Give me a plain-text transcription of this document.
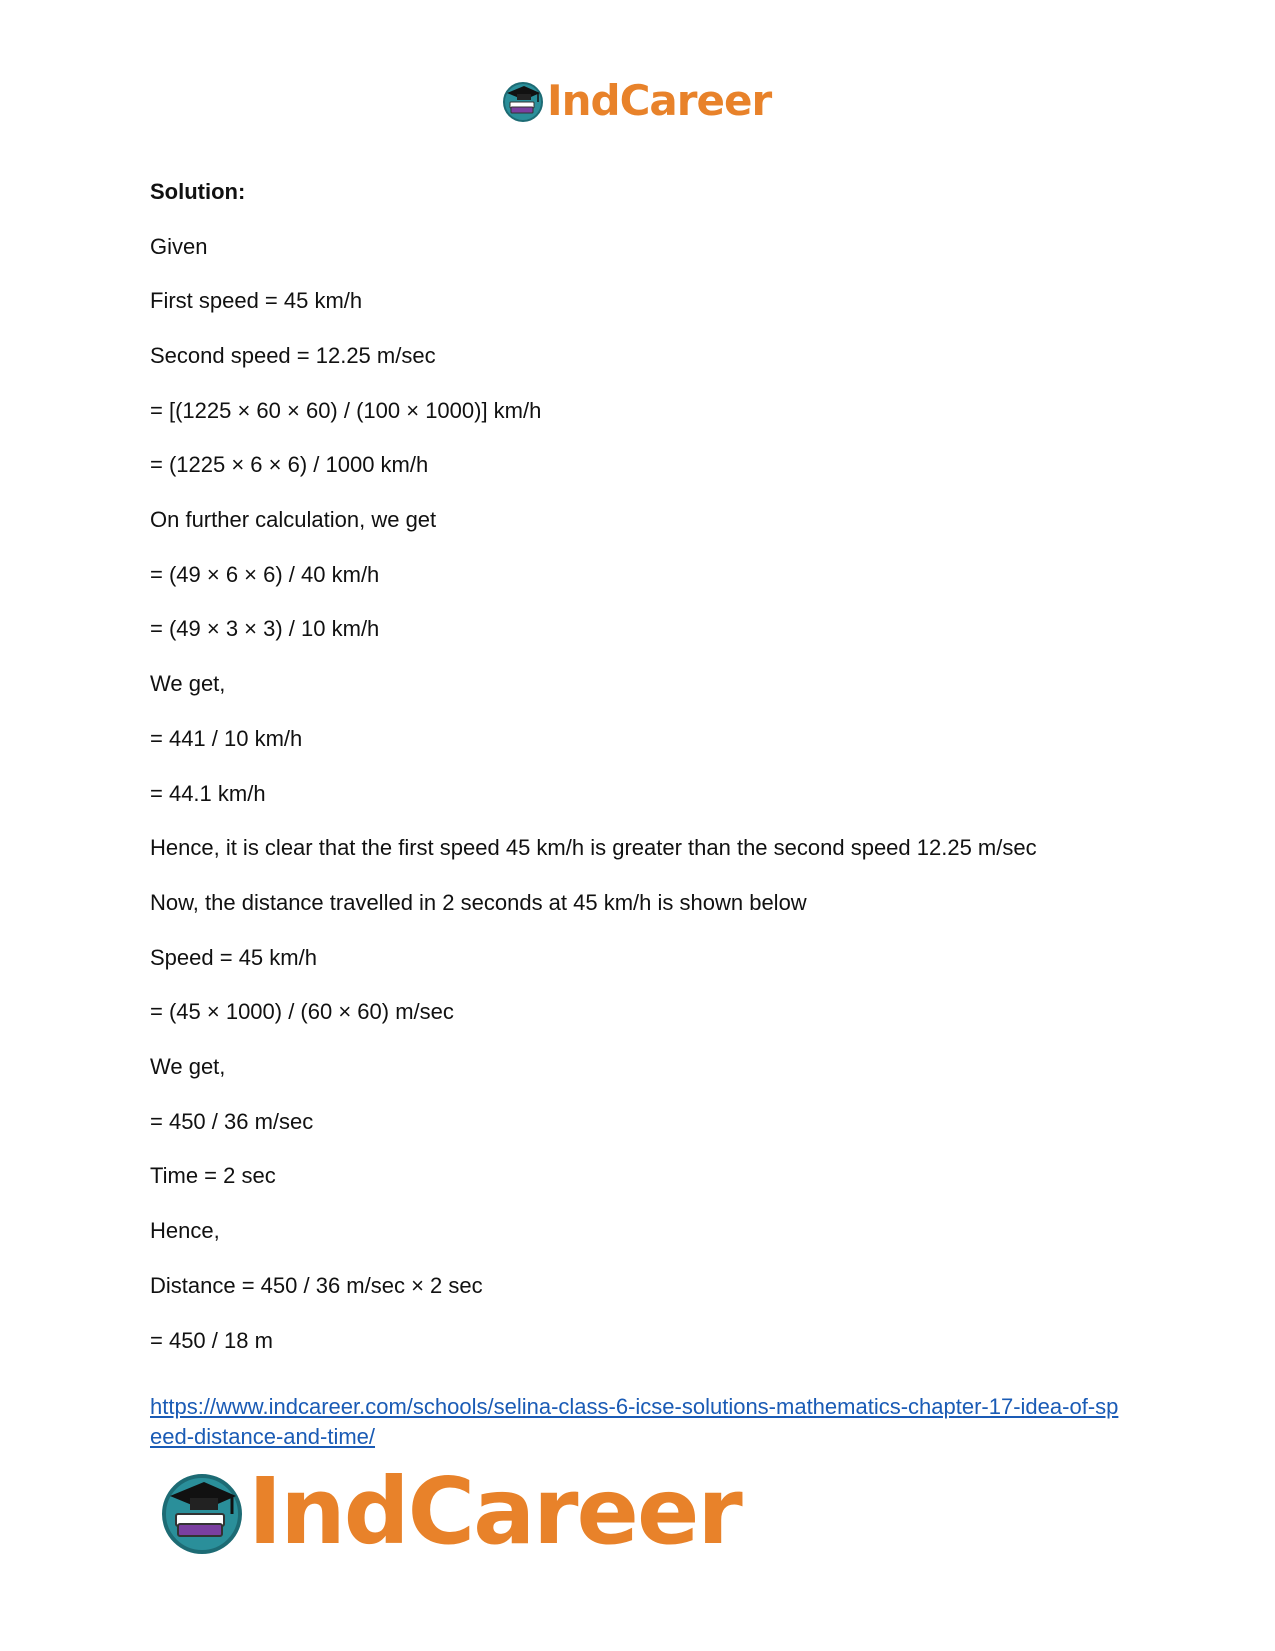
IndCareer
Solution:
Given
First speed = 45 km/h
Second speed = 12.25 m/sec
= [(1225 × 60 × 60) / (100 × 1000)] km/h
= (1225 × 6 × 6) / 1000 km/h
On further calculation, we get
= (49 × 6 × 6) / 40 km/h
= (49 × 3 × 3) / 10 km/h
We get,
= 441 / 10 km/h
= 44.1 km/h
Hence, it is clear that the first speed 45 km/h is greater than the second speed 12.25 m/sec
Now, the distance travelled in 2 seconds at 45 km/h is shown below
Speed = 45 km/h
= (45 × 1000) / (60 × 60) m/sec
We get,
= 450 / 36 m/sec
Time = 2 sec
Hence,
Distance = 450 / 36 m/sec × 2 sec
= 450 / 18 m
https://www.indcareer.com/schools/selina-class-6-icse-solutions-mathematics-chapter-17-idea-of-speed-distance-and-time/
IndCareer
